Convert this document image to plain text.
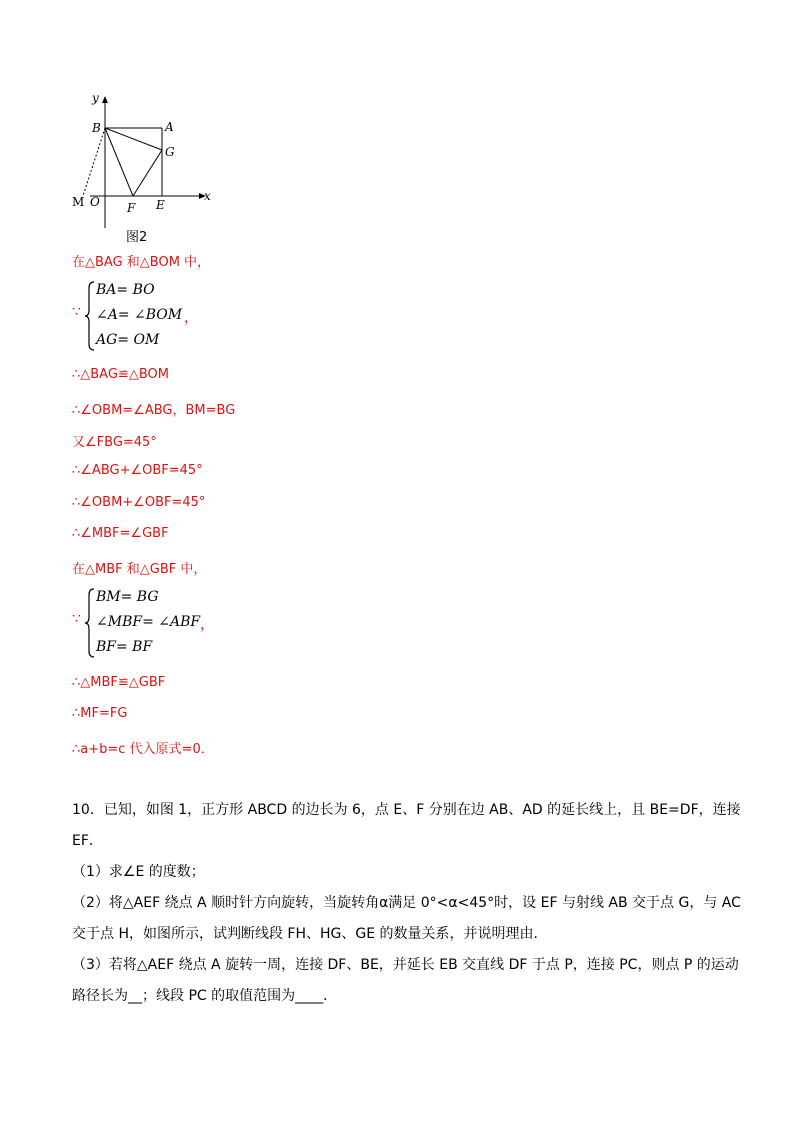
y
x
B	A
G
M O F E
图2
在△BAG 和△BOM 中，
∵
BA= BO
∠A= ∠BOM ，
AG= OM
∴△BAG≌△BOM
∴∠OBM=∠ABG，BM=BG
又∠FBG=45°
∴∠ABG+∠OBF=45°
∴∠OBM+∠OBF=45°
∴∠MBF=∠GBF
在△MBF 和△GBF 中，
∵
BM= BG
∠MBF= ∠ABF ，
BF= BF
∴△MBF≌△GBF
∴MF=FG
∴a+b=c 代入原式=0．
10．已知，如图 1，正方形 ABCD 的边长为 6，点 E、F 分别在边 AB、AD 的延长线上，且 BE=DF，连接
EF．
（1）求∠E 的度数；
（2）将△AEF 绕点 A 顺时针方向旋转，当旋转角α满足 0°<α<45°时，设 EF 与射线 AB 交于点 G，与 AC
交于点 H，如图所示，试判断线段 FH、HG、GE 的数量关系，并说明理由．
（3）若将△AEF 绕点 A 旋转一周，连接 DF、BE，并延长 EB 交直线 DF 于点 P，连接 PC，则点 P 的运动
路径长为__；线段 PC 的取值范围为____．
